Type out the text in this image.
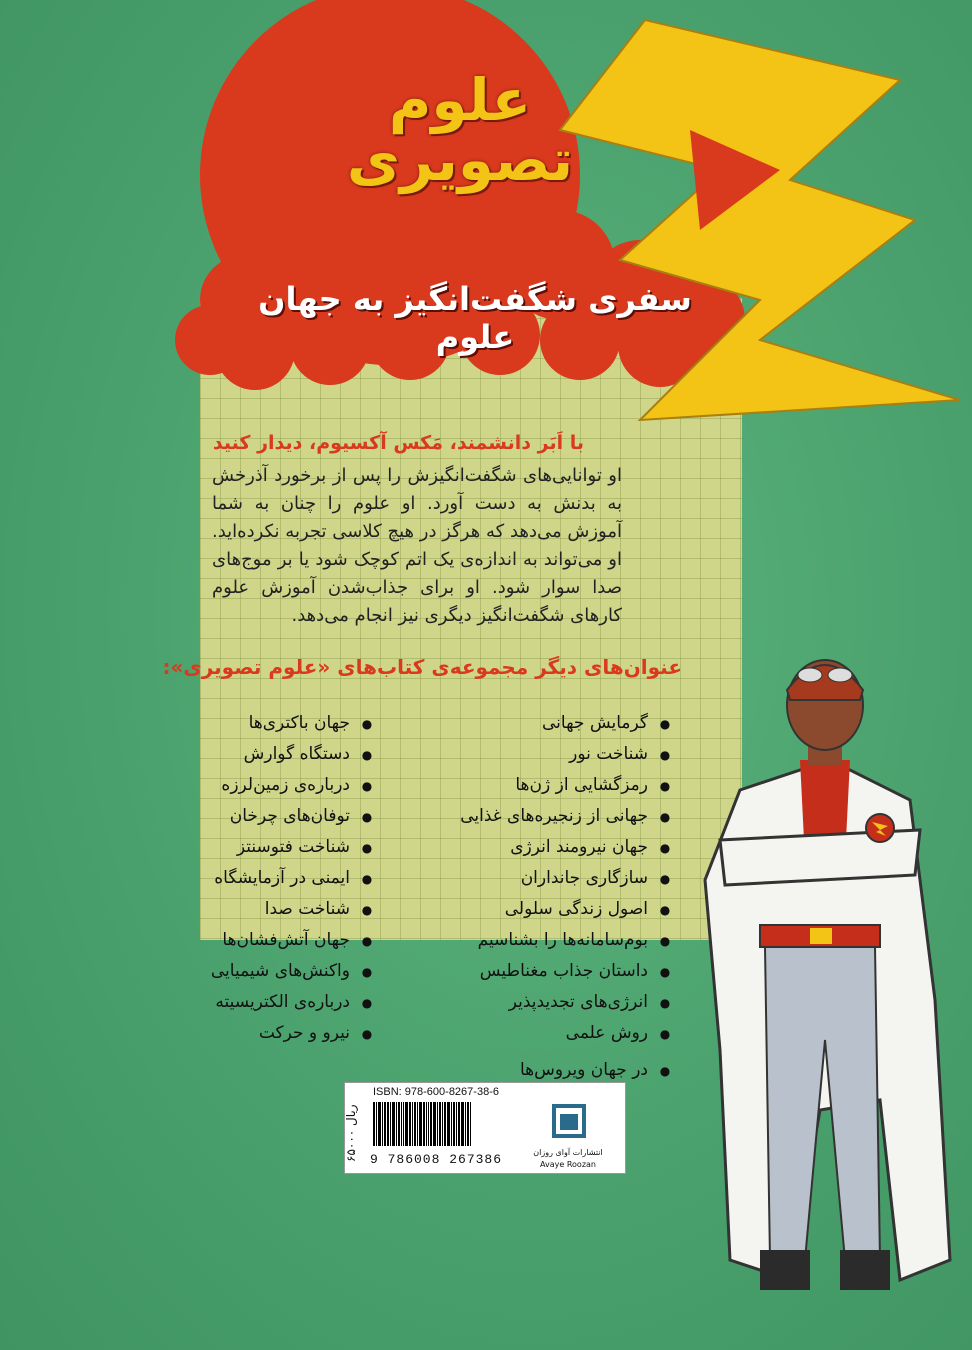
علوم
تصویری
سفری شگفت‌انگیز به جهان علوم
با اَبَر دانشمند، مَکس آکسیوم، دیدار کنید
او توانایی‌های شگفت‌انگیزش را پس از برخورد آذرخش به بدنش به دست آورد. او علوم را چنان به شما آموزش می‌دهد که هرگز در هیچ کلاسی تجربه نکرده‌اید. او می‌تواند به اندازه‌ی یک اتم کوچک شود یا بر موج‌های صدا سوار شود. او برای جذاب‌شدن آموزش علوم کارهای شگفت‌انگیز دیگری نیز انجام می‌دهد.
عنوان‌های دیگر مجموعه‌ی کتاب‌های «علوم تصویری»:
● گرمایش جهانی
● شناخت نور
● رمزگشایی از ژن‌ها
● جهانی از زنجیره‌های غذایی
● جهان نیرومند انرژی
● سازگاری جانداران
● اصول زندگی سلولی
● بوم‌سامانه‌ها را بشناسیم
● داستان جذاب مغناطیس
● انرژی‌های تجدیدپذیر
● روش علمی
● در جهان ویروس‌ها
● جهان باکتری‌ها
● دستگاه گوارش
● درباره‌ی زمین‌لرزه
● توفان‌های چرخان
● شناخت فتوسنتز
● ایمنی در آزمایشگاه
● شناخت صدا
● جهان آتش‌فشان‌ها
● واکنش‌های شیمیایی
● درباره‌ی الکتریسیته
● نیرو و حرکت
۶۵۰۰۰ ریال
ISBN: 978-600-8267-38-6
9 786008 267386	انتشارات آوای روزان
Avaye Roozan
